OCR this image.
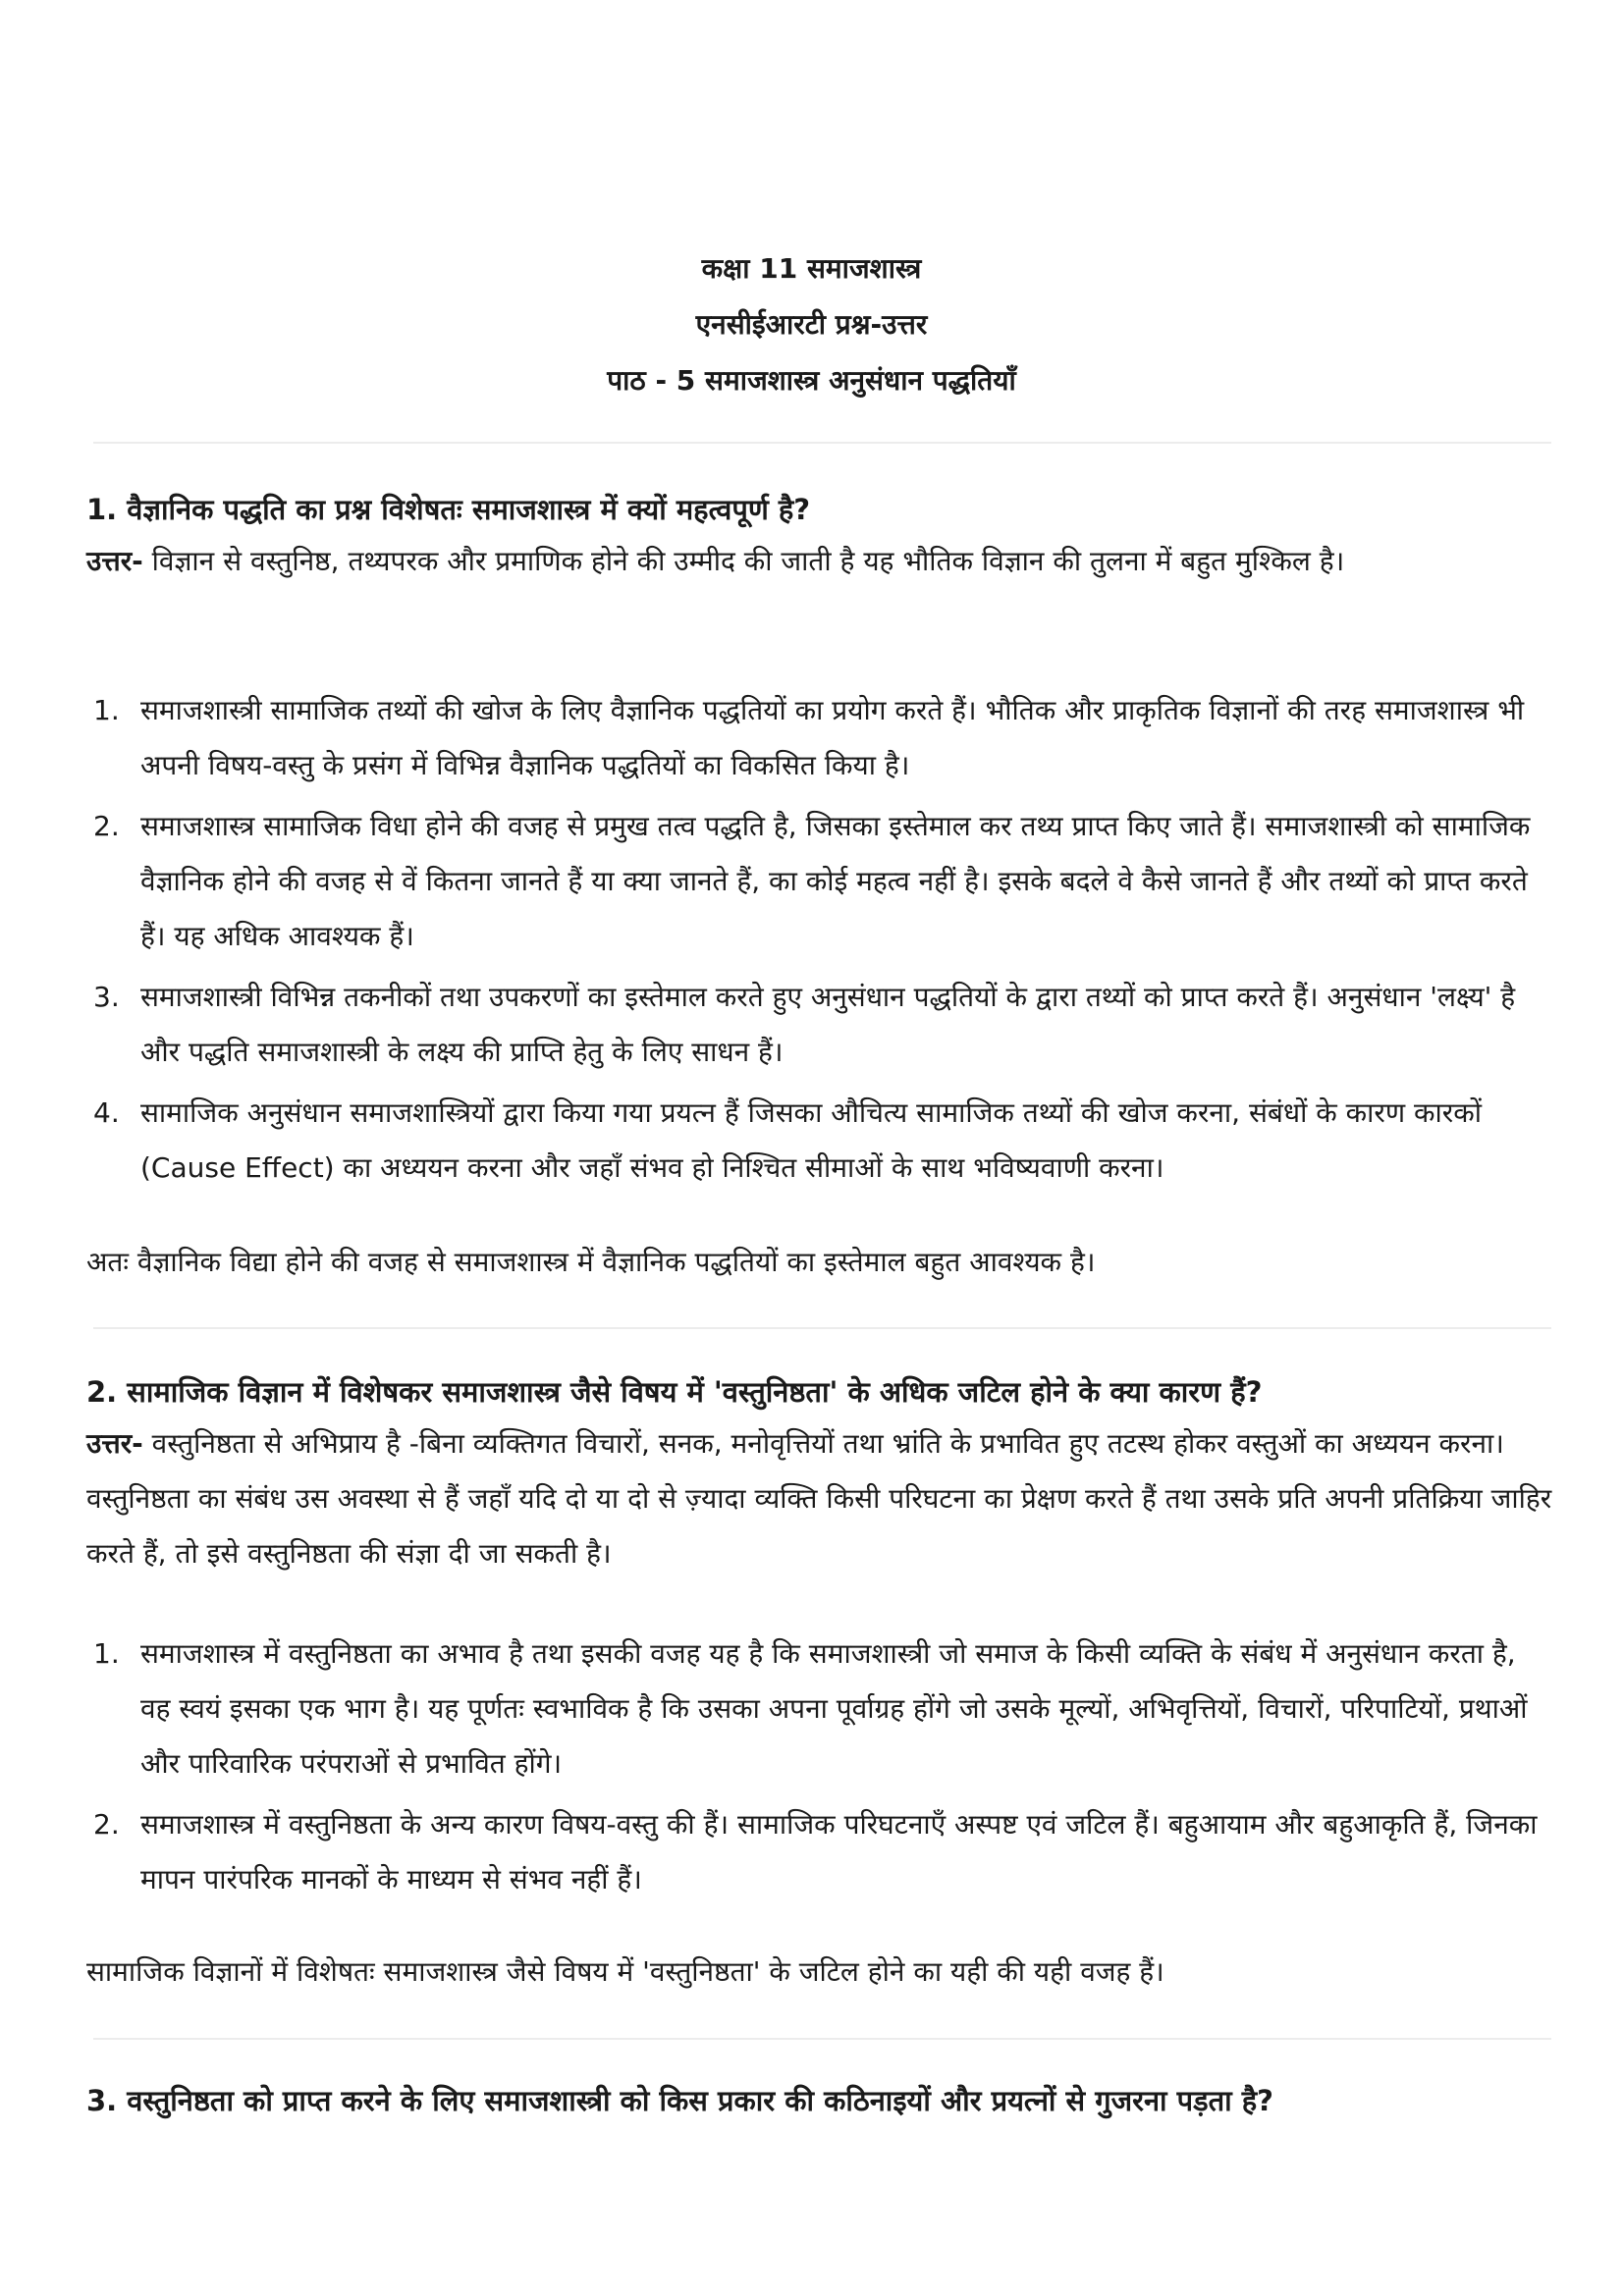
कक्षा 11 समाजशास्त्र

एनसीईआरटी प्रश्न-उत्तर

पाठ - 5 समाजशास्त्र अनुसंधान पद्धतियाँ

1. वैज्ञानिक पद्धति का प्रश्न विशेषतः समाजशास्त्र में क्यों महत्वपूर्ण है?

उत्तर- विज्ञान से वस्तुनिष्ठ, तथ्यपरक और प्रमाणिक होने की उम्मीद की जाती है यह भौतिक विज्ञान की तुलना में बहुत मुश्किल है।

1. समाजशास्त्री सामाजिक तथ्यों की खोज के लिए वैज्ञानिक पद्धतियों का प्रयोग करते हैं। भौतिक और प्राकृतिक विज्ञानों की तरह समाजशास्त्र भी अपनी विषय-वस्तु के प्रसंग में विभिन्न वैज्ञानिक पद्धतियों का विकसित किया है।
2. समाजशास्त्र सामाजिक विधा होने की वजह से प्रमुख तत्व पद्धति है, जिसका इस्तेमाल कर तथ्य प्राप्त किए जाते हैं। समाजशास्त्री को सामाजिक वैज्ञानिक होने की वजह से वें कितना जानते हैं या क्या जानते हैं, का कोई महत्व नहीं है। इसके बदले वे कैसे जानते हैं और तथ्यों को प्राप्त करते हैं। यह अधिक आवश्यक हैं।
3. समाजशास्त्री विभिन्न तकनीकों तथा उपकरणों का इस्तेमाल करते हुए अनुसंधान पद्धतियों के द्वारा तथ्यों को प्राप्त करते हैं। अनुसंधान 'लक्ष्य' है और पद्धति समाजशास्त्री के लक्ष्य की प्राप्ति हेतु के लिए साधन हैं।
4. सामाजिक अनुसंधान समाजशास्त्रियों द्वारा किया गया प्रयत्न हैं जिसका औचित्य सामाजिक तथ्यों की खोज करना, संबंधों के कारण कारकों (Cause Effect) का अध्ययन करना और जहाँ संभव हो निश्चित सीमाओं के साथ भविष्यवाणी करना।

अतः वैज्ञानिक विद्या होने की वजह से समाजशास्त्र में वैज्ञानिक पद्धतियों का इस्तेमाल बहुत आवश्यक है।

2. सामाजिक विज्ञान में विशेषकर समाजशास्त्र जैसे विषय में 'वस्तुनिष्ठता' के अधिक जटिल होने के क्या कारण हैं?

उत्तर- वस्तुनिष्ठता से अभिप्राय है -बिना व्यक्तिगत विचारों, सनक, मनोवृत्तियों तथा भ्रांति के प्रभावित हुए तटस्थ होकर वस्तुओं का अध्ययन करना। वस्तुनिष्ठता का संबंध उस अवस्था से हैं जहाँ यदि दो या दो से ज़्यादा व्यक्ति किसी परिघटना का प्रेक्षण करते हैं तथा उसके प्रति अपनी प्रतिक्रिया जाहिर करते हैं, तो इसे वस्तुनिष्ठता की संज्ञा दी जा सकती है।

1. समाजशास्त्र में वस्तुनिष्ठता का अभाव है तथा इसकी वजह यह है कि समाजशास्त्री जो समाज के किसी व्यक्ति के संबंध में अनुसंधान करता है, वह स्वयं इसका एक भाग है। यह पूर्णतः स्वभाविक है कि उसका अपना पूर्वाग्रह होंगे जो उसके मूल्यों, अभिवृत्तियों, विचारों, परिपाटियों, प्रथाओं और पारिवारिक परंपराओं से प्रभावित होंगे।
2. समाजशास्त्र में वस्तुनिष्ठता के अन्य कारण विषय-वस्तु की हैं। सामाजिक परिघटनाएँ अस्पष्ट एवं जटिल हैं। बहुआयाम और बहुआकृति हैं, जिनका मापन पारंपरिक मानकों के माध्यम से संभव नहीं हैं।

सामाजिक विज्ञानों में विशेषतः समाजशास्त्र जैसे विषय में 'वस्तुनिष्ठता' के जटिल होने का यही की यही वजह हैं।

3. वस्तुनिष्ठता को प्राप्त करने के लिए समाजशास्त्री को किस प्रकार की कठिनाइयों और प्रयत्नों से गुजरना पड़ता है?
